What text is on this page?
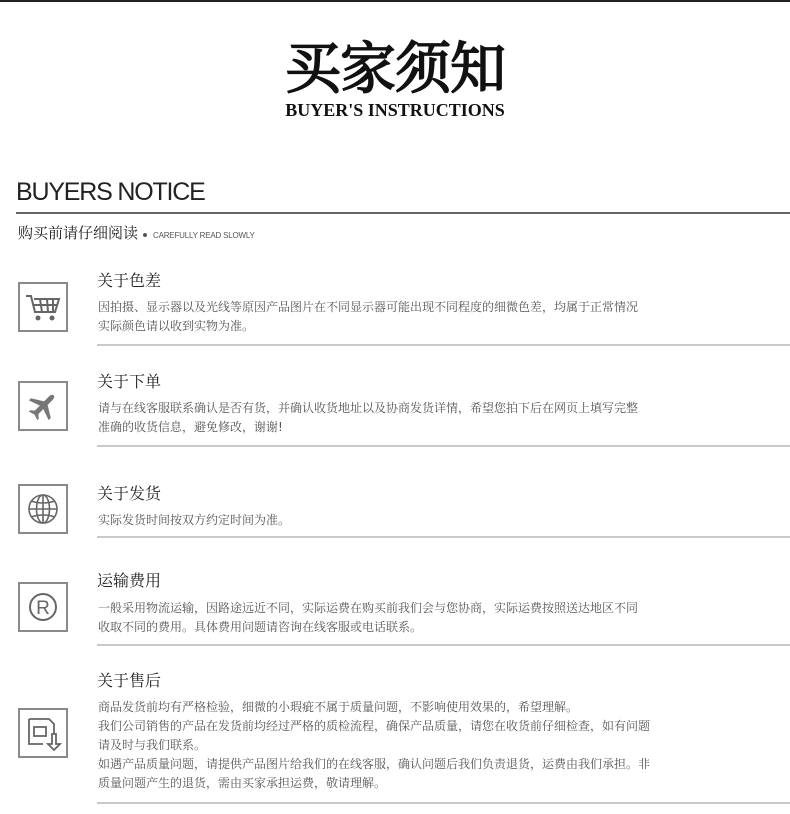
买家须知
BUYER'S INSTRUCTIONS
BUYERS NOTICE
购买前请仔细阅读 CAREFULLY READ SLOWLY
关于色差
因拍摄、显示器以及光线等原因产品图片在不同显示器可能出现不同程度的细微色差，均属于正常情况
实际颜色请以收到实物为准。
关于下单
请与在线客服联系确认是否有货，并确认收货地址以及协商发货详情，希望您拍下后在网页上填写完整
准确的收货信息，避免修改，谢谢!
关于发货
实际发货时间按双方约定时间为准。
R
运输费用
一般采用物流运输，因路途远近不同，实际运费在购买前我们会与您协商，实际运费按照送达地区不同
收取不同的费用。具体费用问题请咨询在线客服或电话联系。
关于售后
商品发货前均有严格检验，细微的小瑕疵不属于质量问题，不影响使用效果的，希望理解。
我们公司销售的产品在发货前均经过严格的质检流程，确保产品质量，请您在收货前仔细检查，如有问题
请及时与我们联系。
如遇产品质量问题，请提供产品图片给我们的在线客服，确认问题后我们负责退货，运费由我们承担。非
质量问题产生的退货，需由买家承担运费，敬请理解。
